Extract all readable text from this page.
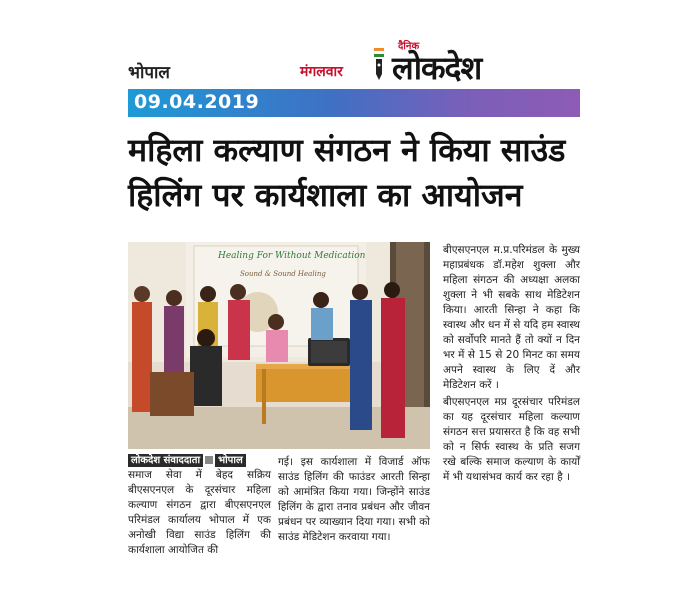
भोपाल	मंगलवार
दैनिक
लोकदेश
09.04.2019
महिला कल्याण संगठन ने किया साउंड
हिलिंग पर कार्यशाला का आयोजन
Healing For Without Medication
Sound & Sound Healing

बीएसएनएल म.प्र.परिमंडल के मुख्य महाप्रबंधक डॉ.महेश शुक्ला और महिला संगठन की अध्यक्षा अलका शुक्ला ने भी सबके साथ मेडिटेशन किया। आरती सिन्हा ने कहा कि स्वास्थ और धन में से यदि हम स्वास्थ को सर्वोपरि मानते हैं तो क्यों न दिन भर में से 15 से 20 मिनट का समय अपने स्वास्थ के लिए दें और मेडिटेशन करें ।

बीएसएनएल मप्र दूरसंचार परिमंडल का यह दूरसंचार महिला कल्याण संगठन सत्त प्रयासरत है कि वह सभी को न सिर्फ स्वास्थ के प्रति सजग रखे बल्कि समाज कल्याण के कार्यों में भी यथासंभव कार्य कर रहा है ।

लोकदेश संवाददाता भोपाल

समाज सेवा में बेहद सक्रिय बीएसएनएल के दूरसंचार महिला कल्याण संगठन द्वारा बीएसएनएल परिमंडल कार्यालय भोपाल में एक अनोखी विद्या साउंड हिलिंग की कार्यशाला आयोजित की

गई। इस कार्यशाला में विजार्ड ऑफ साउंड हिलिंग की फाउंडर आरती सिन्हा को आमंत्रित किया गया। जिन्होंने साउंड हिलिंग के द्वारा तनाव प्रबंधन और जीवन प्रबंधन पर व्याख्यान दिया गया। सभी को साउंड मेडिटेशन करवाया गया।
